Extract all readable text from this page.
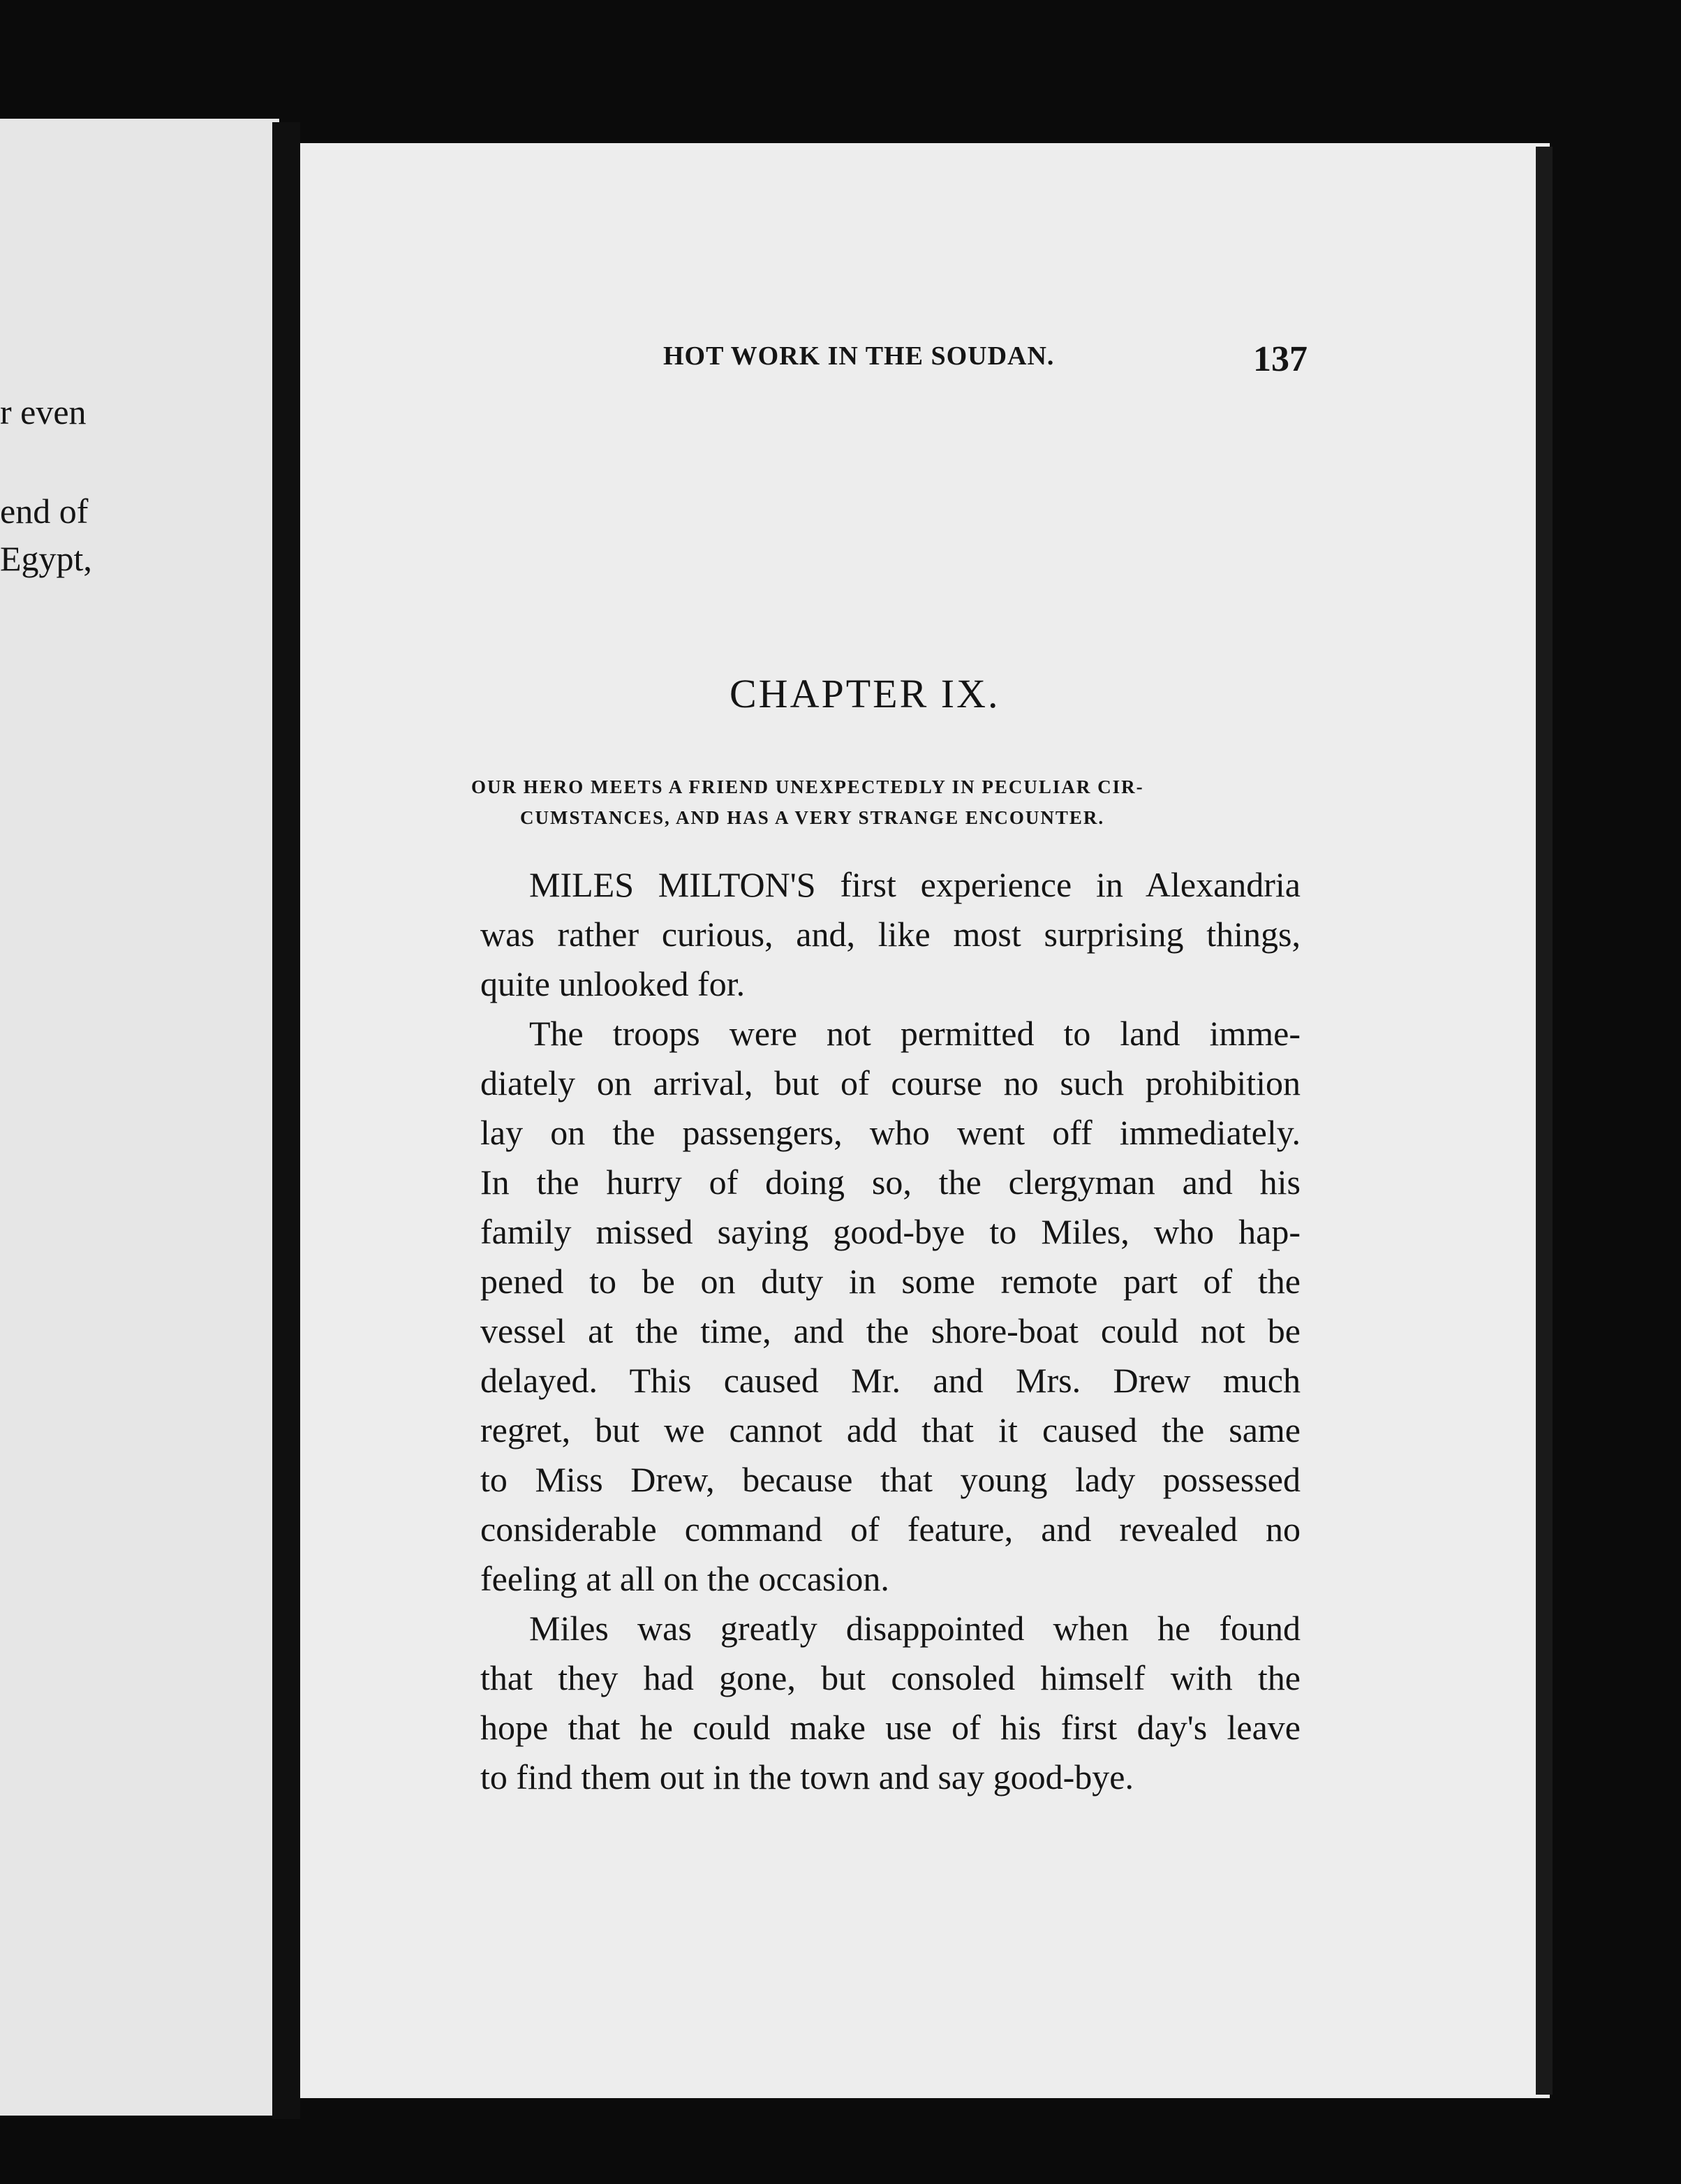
r even
end of
Egypt,
HOT WORK IN THE SOUDAN.	137
CHAPTER IX.
OUR HERO MEETS A FRIEND UNEXPECTEDLY IN PECULIAR CIR-
CUMSTANCES, AND HAS A VERY STRANGE ENCOUNTER.

MILES MILTON'S first experience in Alexandria
was rather curious, and, like most surprising things,
quite unlooked for.

The troops were not permitted to land imme-
diately on arrival, but of course no such prohibition
lay on the passengers, who went off immediately.
In the hurry of doing so, the clergyman and his
family missed saying good-bye to Miles, who hap-
pened to be on duty in some remote part of the
vessel at the time, and the shore-boat could not be
delayed. This caused Mr. and Mrs. Drew much
regret, but we cannot add that it caused the same
to Miss Drew, because that young lady possessed
considerable command of feature, and revealed no
feeling at all on the occasion.

Miles was greatly disappointed when he found
that they had gone, but consoled himself with the
hope that he could make use of his first day's leave
to find them out in the town and say good-bye.
